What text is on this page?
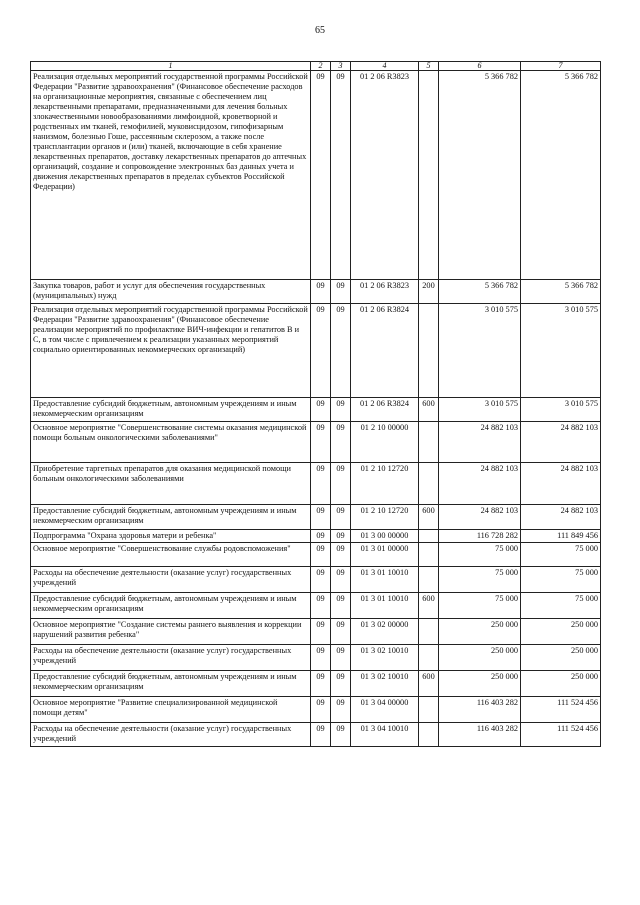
65
1	2	3	4	5	6	7
Реализация отдельных мероприятий государственной программы Российской Федерации "Развитие здравоохранения" (Финансовое обеспечение расходов на организационные мероприятия, связанные с обеспечением лиц лекарственными препаратами, предназначенными для лечения больных злокачественными новообразованиями лимфоидной, кроветворной и родственных им тканей, гемофилией, муковисцидозом, гипофизарным нанизмом, болезнью Гоше, рассеянным склерозом, а также после трансплантации органов и (или) тканей, включающие в себя хранение лекарственных препаратов, доставку лекарственных препаратов до аптечных организаций, создание и сопровождение электронных баз данных учета и движения лекарственных препаратов в пределах субъектов Российской Федерации)	09	09	01 2 06 R3823		5 366 782	5 366 782
Закупка товаров, работ и услуг для обеспечения государственных (муниципальных) нужд	09	09	01 2 06 R3823	200	5 366 782	5 366 782
Реализация отдельных мероприятий государственной программы Российской Федерации "Развитие здравоохранения" (Финансовое обеспечение реализации мероприятий по профилактике ВИЧ-инфекции и гепатитов В и С, в том числе с привлечением к реализации указанных мероприятий социально ориентированных некоммерческих организаций)	09	09	01 2 06 R3824		3 010 575	3 010 575
Предоставление субсидий бюджетным, автономным учреждениям и иным некоммерческим организациям	09	09	01 2 06 R3824	600	3 010 575	3 010 575
Основное мероприятие "Совершенствование системы оказания медицинской помощи больным онкологическими заболеваниями"	09	09	01 2 10 00000		24 882 103	24 882 103
Приобретение таргетных препаратов для оказания медицинской помощи больным онкологическими заболеваниями	09	09	01 2 10 12720		24 882 103	24 882 103
Предоставление субсидий бюджетным, автономным учреждениям и иным некоммерческим организациям	09	09	01 2 10 12720	600	24 882 103	24 882 103
Подпрограмма "Охрана здоровья матери и ребенка"	09	09	01 3 00 00000		116 728 282	111 849 456
Основное мероприятие "Совершенствование службы родовспоможения"	09	09	01 3 01 00000		75 000	75 000
Расходы на обеспечение деятельности (оказание услуг) государственных учреждений	09	09	01 3 01 10010		75 000	75 000
Предоставление субсидий бюджетным, автономным учреждениям и иным некоммерческим организациям	09	09	01 3 01 10010	600	75 000	75 000
Основное мероприятие "Создание системы раннего выявления и коррекции нарушений развития ребенка"	09	09	01 3 02 00000		250 000	250 000
Расходы на обеспечение деятельности (оказание услуг) государственных учреждений	09	09	01 3 02 10010		250 000	250 000
Предоставление субсидий бюджетным, автономным учреждениям и иным некоммерческим организациям	09	09	01 3 02 10010	600	250 000	250 000
Основное мероприятие "Развитие специализированной медицинской помощи детям"	09	09	01 3 04 00000		116 403 282	111 524 456
Расходы на обеспечение деятельности (оказание услуг) государственных учреждений	09	09	01 3 04 10010		116 403 282	111 524 456
